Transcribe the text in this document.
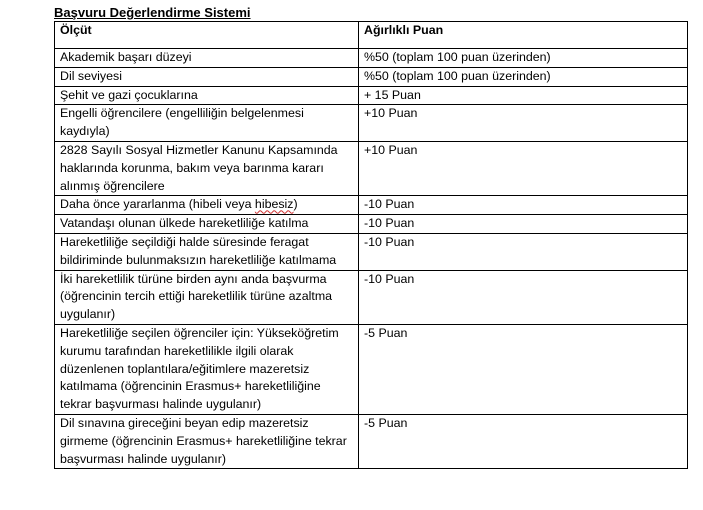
Başvuru Değerlendirme Sistemi
Ölçüt	Ağırlıklı Puan
Akademik başarı düzeyi	%50 (toplam 100 puan üzerinden)
Dil seviyesi	%50 (toplam 100 puan üzerinden)
Şehit ve gazi çocuklarına	+ 15 Puan
Engelli öğrencilere (engelliliğin belgelenmesi kaydıyla)	+10 Puan
2828 Sayılı Sosyal Hizmetler Kanunu Kapsamında haklarında korunma, bakım veya barınma kararı alınmış öğrencilere	+10 Puan
Daha önce yararlanma (hibeli veya hibesiz)	-10 Puan
Vatandaşı olunan ülkede hareketliliğe katılma	-10 Puan
Hareketliliğe seçildiği halde süresinde feragat bildiriminde bulunmaksızın hareketliliğe katılmama	-10 Puan
İki hareketlilik türüne birden aynı anda başvurma (öğrencinin tercih ettiği hareketlilik türüne azaltma uygulanır)	-10 Puan
Hareketliliğe seçilen öğrenciler için: Yükseköğretim kurumu tarafından hareketlilikle ilgili olarak düzenlenen toplantılara/eğitimlere mazeretsiz katılmama (öğrencinin Erasmus+ hareketliliğine tekrar başvurması halinde uygulanır)	-5 Puan
Dil sınavına gireceğini beyan edip mazeretsiz girmeme (öğrencinin Erasmus+ hareketliliğine tekrar başvurması halinde uygulanır)	-5 Puan
